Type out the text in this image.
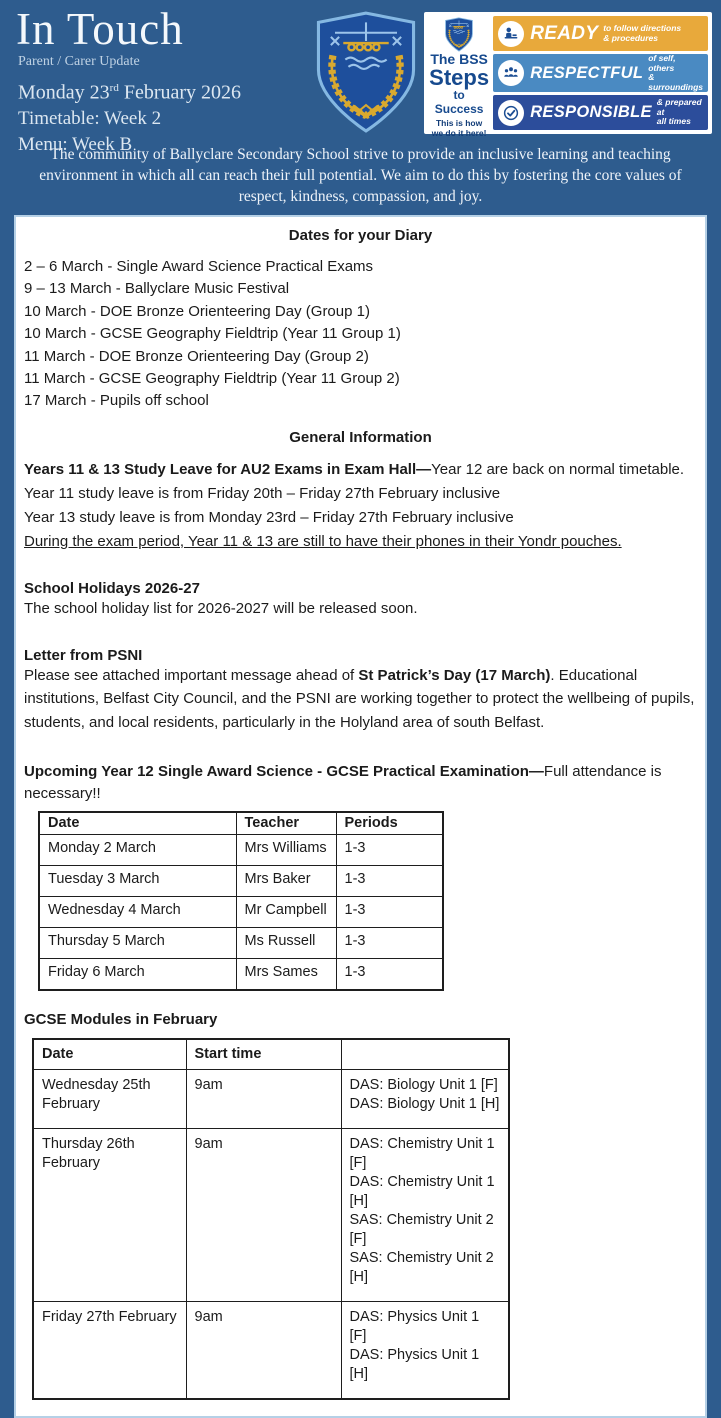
In Touch
Parent / Carer Update
Monday 23rd February 2026
Timetable: Week 2
Menu: Week B
The BSS
Steps
to Success
This is how
we do it here!
READY to follow directions
& procedures
RESPECTFUL
of self, others
& surroundings
RESPONSIBLE
& prepared at
all times
The community of Ballyclare Secondary School strive to provide an inclusive learning and teaching environment in which all can reach their full potential. We aim to do this by fostering the core values of respect, kindness, compassion, and joy.
Dates for your Diary
2 – 6 March - Single Award Science Practical Exams
9 – 13 March - Ballyclare Music Festival
10 March - DOE Bronze Orienteering Day (Group 1)
10 March - GCSE Geography Fieldtrip (Year 11 Group 1)
11 March - DOE Bronze Orienteering Day (Group 2)
11 March - GCSE Geography Fieldtrip (Year 11 Group 2)
17 March - Pupils off school
General Information
Years 11 & 13 Study Leave for AU2 Exams in Exam Hall—Year 12 are back on normal timetable.
Year 11 study leave is from Friday 20th – Friday 27th February inclusive
Year 13 study leave is from Monday 23rd – Friday 27th February inclusive
During the exam period, Year 11 & 13 are still to have their phones in their Yondr pouches.
School Holidays 2026-27
The school holiday list for 2026-2027 will be released soon.
Letter from PSNI
Please see attached important message ahead of St Patrick’s Day (17 March). Educational institutions, Belfast City Council, and the PSNI are working together to protect the wellbeing of pupils, students, and local residents, particularly in the Holyland area of south Belfast.
Upcoming Year 12 Single Award Science - GCSE Practical Examination—Full attendance is necessary!!
Date	Teacher	Periods
Monday 2 March	Mrs Williams	1-3
Tuesday 3 March	Mrs Baker	1-3
Wednesday 4 March	Mr Campbell	1-3
Thursday 5 March	Ms Russell	1-3
Friday 6 March	Mrs Sames	1-3
GCSE Modules in February
Date	Start time	
Wednesday 25th February	9am	DAS: Biology Unit 1 [F]
DAS: Biology Unit 1 [H]

Thursday 26th February	9am	DAS: Chemistry Unit 1 [F]
DAS: Chemistry Unit 1 [H]
SAS: Chemistry Unit 2 [F]
SAS: Chemistry Unit 2 [H]

Friday 27th February	9am	DAS: Physics Unit 1 [F]
DAS: Physics Unit 1 [H]
